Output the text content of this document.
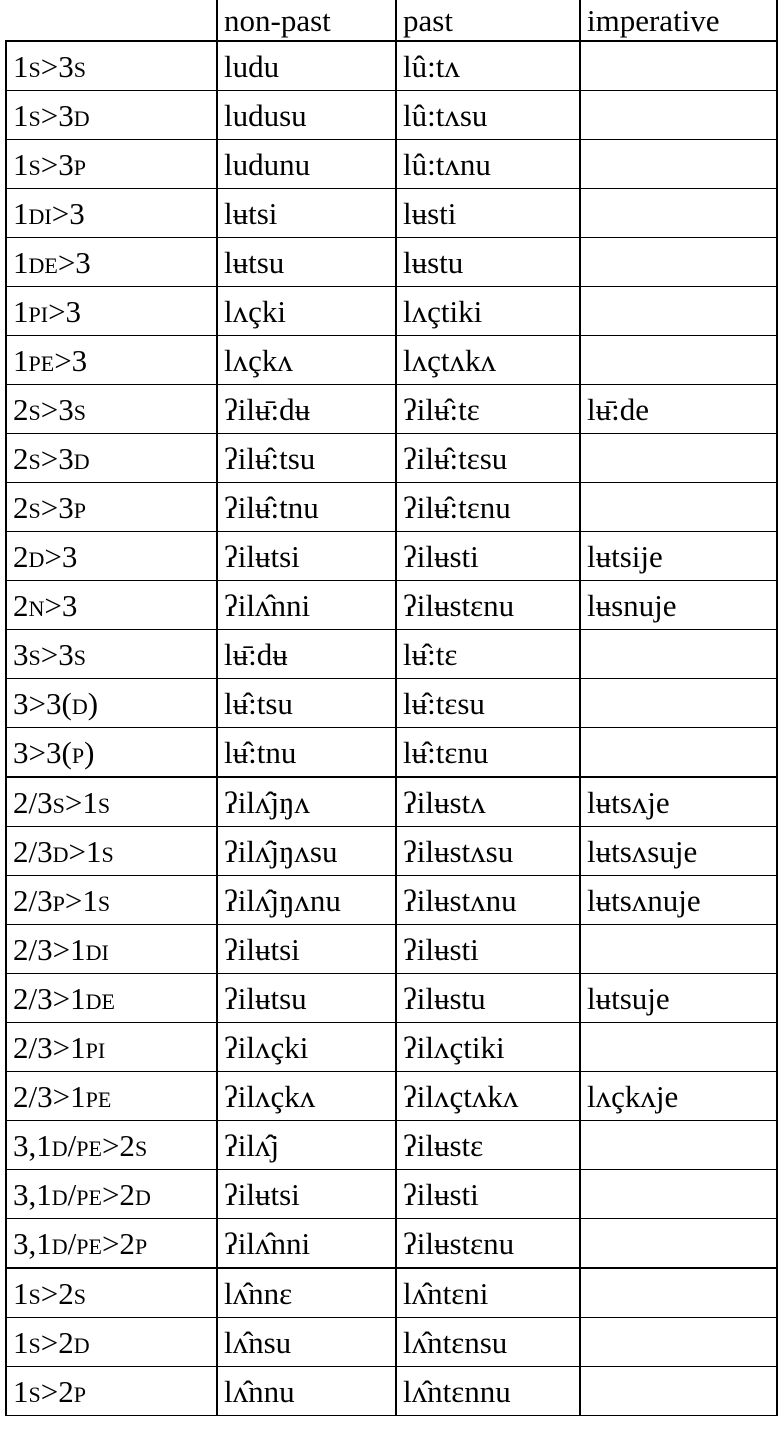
	non-past	past	imperative
1S>3S	ludu	lû:tʌ	
1S>3D	ludusu	lû:tʌsu	
1S>3P	ludunu	lû:tʌnu	
1DI>3	lʉtsi	lʉsti	
1DE>3	lʉtsu	lʉstu	
1PI>3	lʌçki	lʌçtiki	
1PE>3	lʌçkʌ	lʌçtʌkʌ	
2S>3S	ʔilʉ̄:dʉ	ʔilʉ̂:tɛ	lʉ̄:de
2S>3D	ʔilʉ̂:tsu	ʔilʉ̂:tɛsu	
2S>3P	ʔilʉ̂:tnu	ʔilʉ̂:tɛnu	
2D>3	ʔilʉtsi	ʔilʉsti	lʉtsije
2N>3	ʔilʌ̂nni	ʔilʉstɛnu	lʉsnuje
3S>3S	lʉ̄:dʉ	lʉ̂:tɛ	
3>3(D)	lʉ̂:tsu	lʉ̂:tɛsu	
3>3(P)	lʉ̂:tnu	lʉ̂:tɛnu	
2/3S>1S	ʔilʌ̂jŋʌ	ʔilʉstʌ	lʉtsʌje
2/3D>1S	ʔilʌ̂jŋʌsu	ʔilʉstʌsu	lʉtsʌsuje
2/3P>1S	ʔilʌ̂jŋʌnu	ʔilʉstʌnu	lʉtsʌnuje
2/3>1DI	ʔilʉtsi	ʔilʉsti	
2/3>1DE	ʔilʉtsu	ʔilʉstu	lʉtsuje
2/3>1PI	ʔilʌçki	ʔilʌçtiki	
2/3>1PE	ʔilʌçkʌ	ʔilʌçtʌkʌ	lʌçkʌje
3,1D/PE>2S	ʔilʌ̂j	ʔilʉstɛ	
3,1D/PE>2D	ʔilʉtsi	ʔilʉsti	
3,1D/PE>2P	ʔilʌ̂nni	ʔilʉstɛnu	
1S>2S	lʌ̂nnɛ	lʌ̂ntɛni	
1S>2D	lʌ̂nsu	lʌ̂ntɛnsu	
1S>2P	lʌ̂nnu	lʌ̂ntɛnnu	
